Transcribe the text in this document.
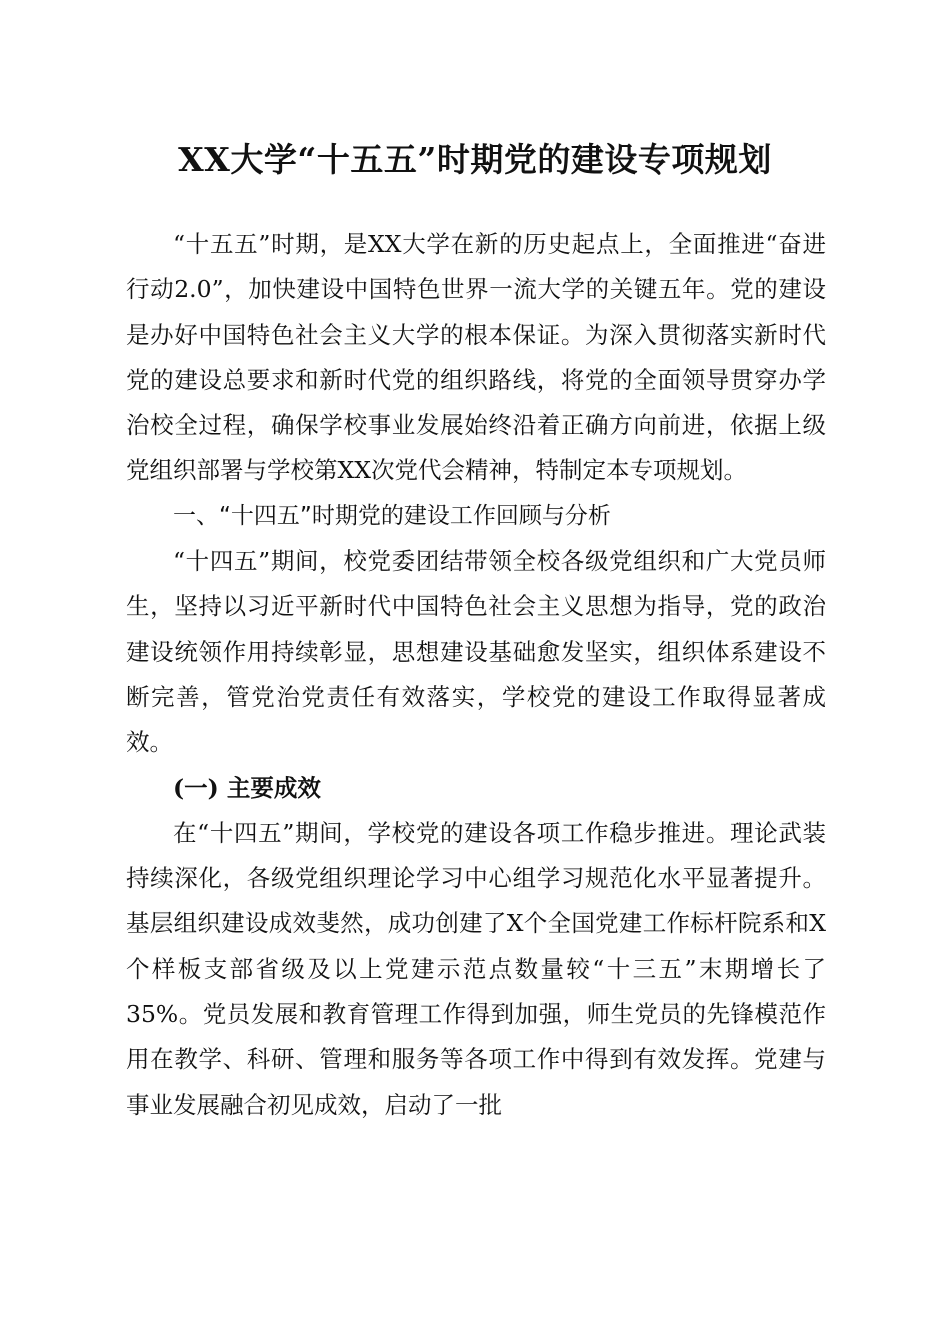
XX大学“十五五”时期党的建设专项规划

“十五五”时期，是XX大学在新的历史起点上，全面推进“奋进行动2.0”，加快建设中国特色世界一流大学的关键五年。党的建设是办好中国特色社会主义大学的根本保证。为深入贯彻落实新时代党的建设总要求和新时代党的组织路线，将党的全面领导贯穿办学治校全过程，确保学校事业发展始终沿着正确方向前进，依据上级党组织部署与学校第XX次党代会精神，特制定本专项规划。

一、“十四五”时期党的建设工作回顾与分析

“十四五”期间，校党委团结带领全校各级党组织和广大党员师生，坚持以习近平新时代中国特色社会主义思想为指导，党的政治建设统领作用持续彰显，思想建设基础愈发坚实，组织体系建设不断完善，管党治党责任有效落实，学校党的建设工作取得显著成效。

(一) 主要成效

在“十四五”期间，学校党的建设各项工作稳步推进。理论武装持续深化，各级党组织理论学习中心组学习规范化水平显著提升。基层组织建设成效斐然，成功创建了X个全国党建工作标杆院系和X个样板支部省级及以上党建示范点数量较“十三五”末期增长了35%。党员发展和教育管理工作得到加强，师生党员的先锋模范作用在教学、科研、管理和服务等各项工作中得到有效发挥。党建与事业发展融合初见成效，启动了一批
